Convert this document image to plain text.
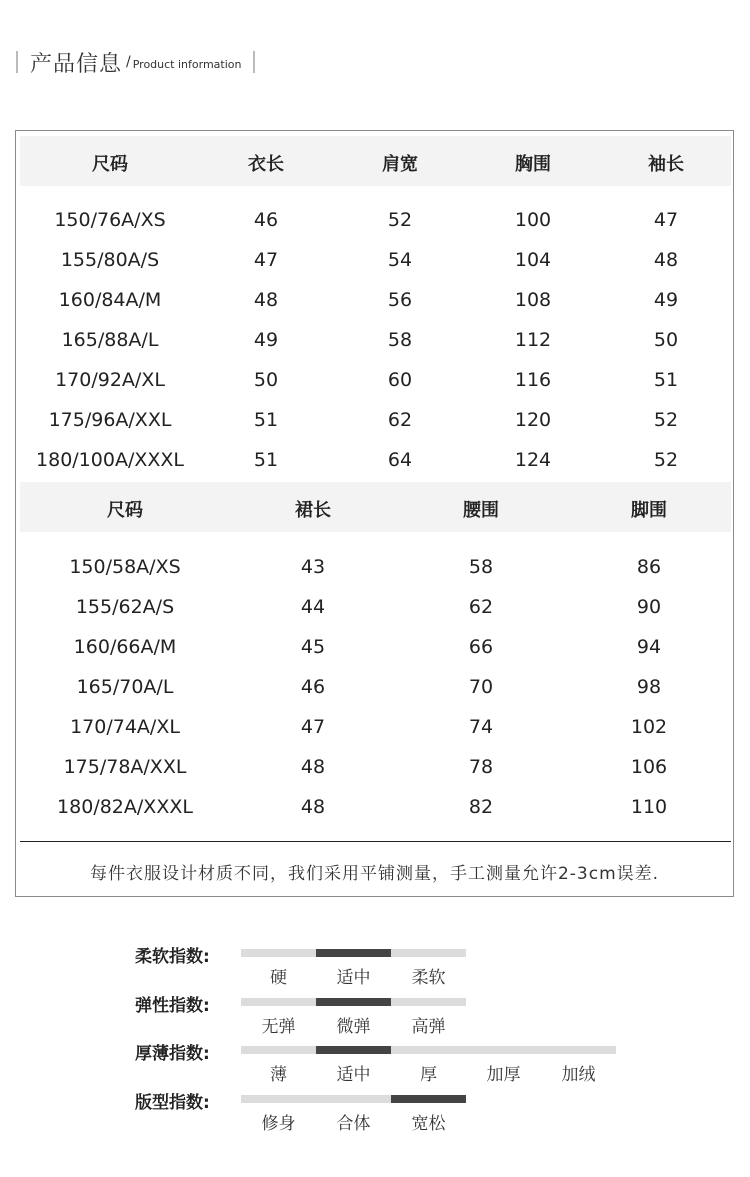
产品信息 / Product information
尺码	衣长	肩宽	胸围	袖长
150/76A/XS	46	52	100	47
155/80A/S	47	54	104	48
160/84A/M	48	56	108	49
165/88A/L	49	58	112	50
170/92A/XL	50	60	116	51
175/96A/XXL	51	62	120	52
180/100A/XXXL	51	64	124	52
尺码	裙长	腰围	脚围
150/58A/XS	43	58	86
155/62A/S	44	62	90
160/66A/M	45	66	94
165/70A/L	46	70	98
170/74A/XL	47	74	102
175/78A/XXL	48	78	106
180/82A/XXXL	48	82	110
每件衣服设计材质不同，我们采用平铺测量，手工测量允许2-3cm误差.
柔软指数:
硬	适中 柔软
弹性指数:
无弹 微弹 高弹
厚薄指数:
薄	适中	厚	加厚 加绒
版型指数:
修身 合体 宽松
